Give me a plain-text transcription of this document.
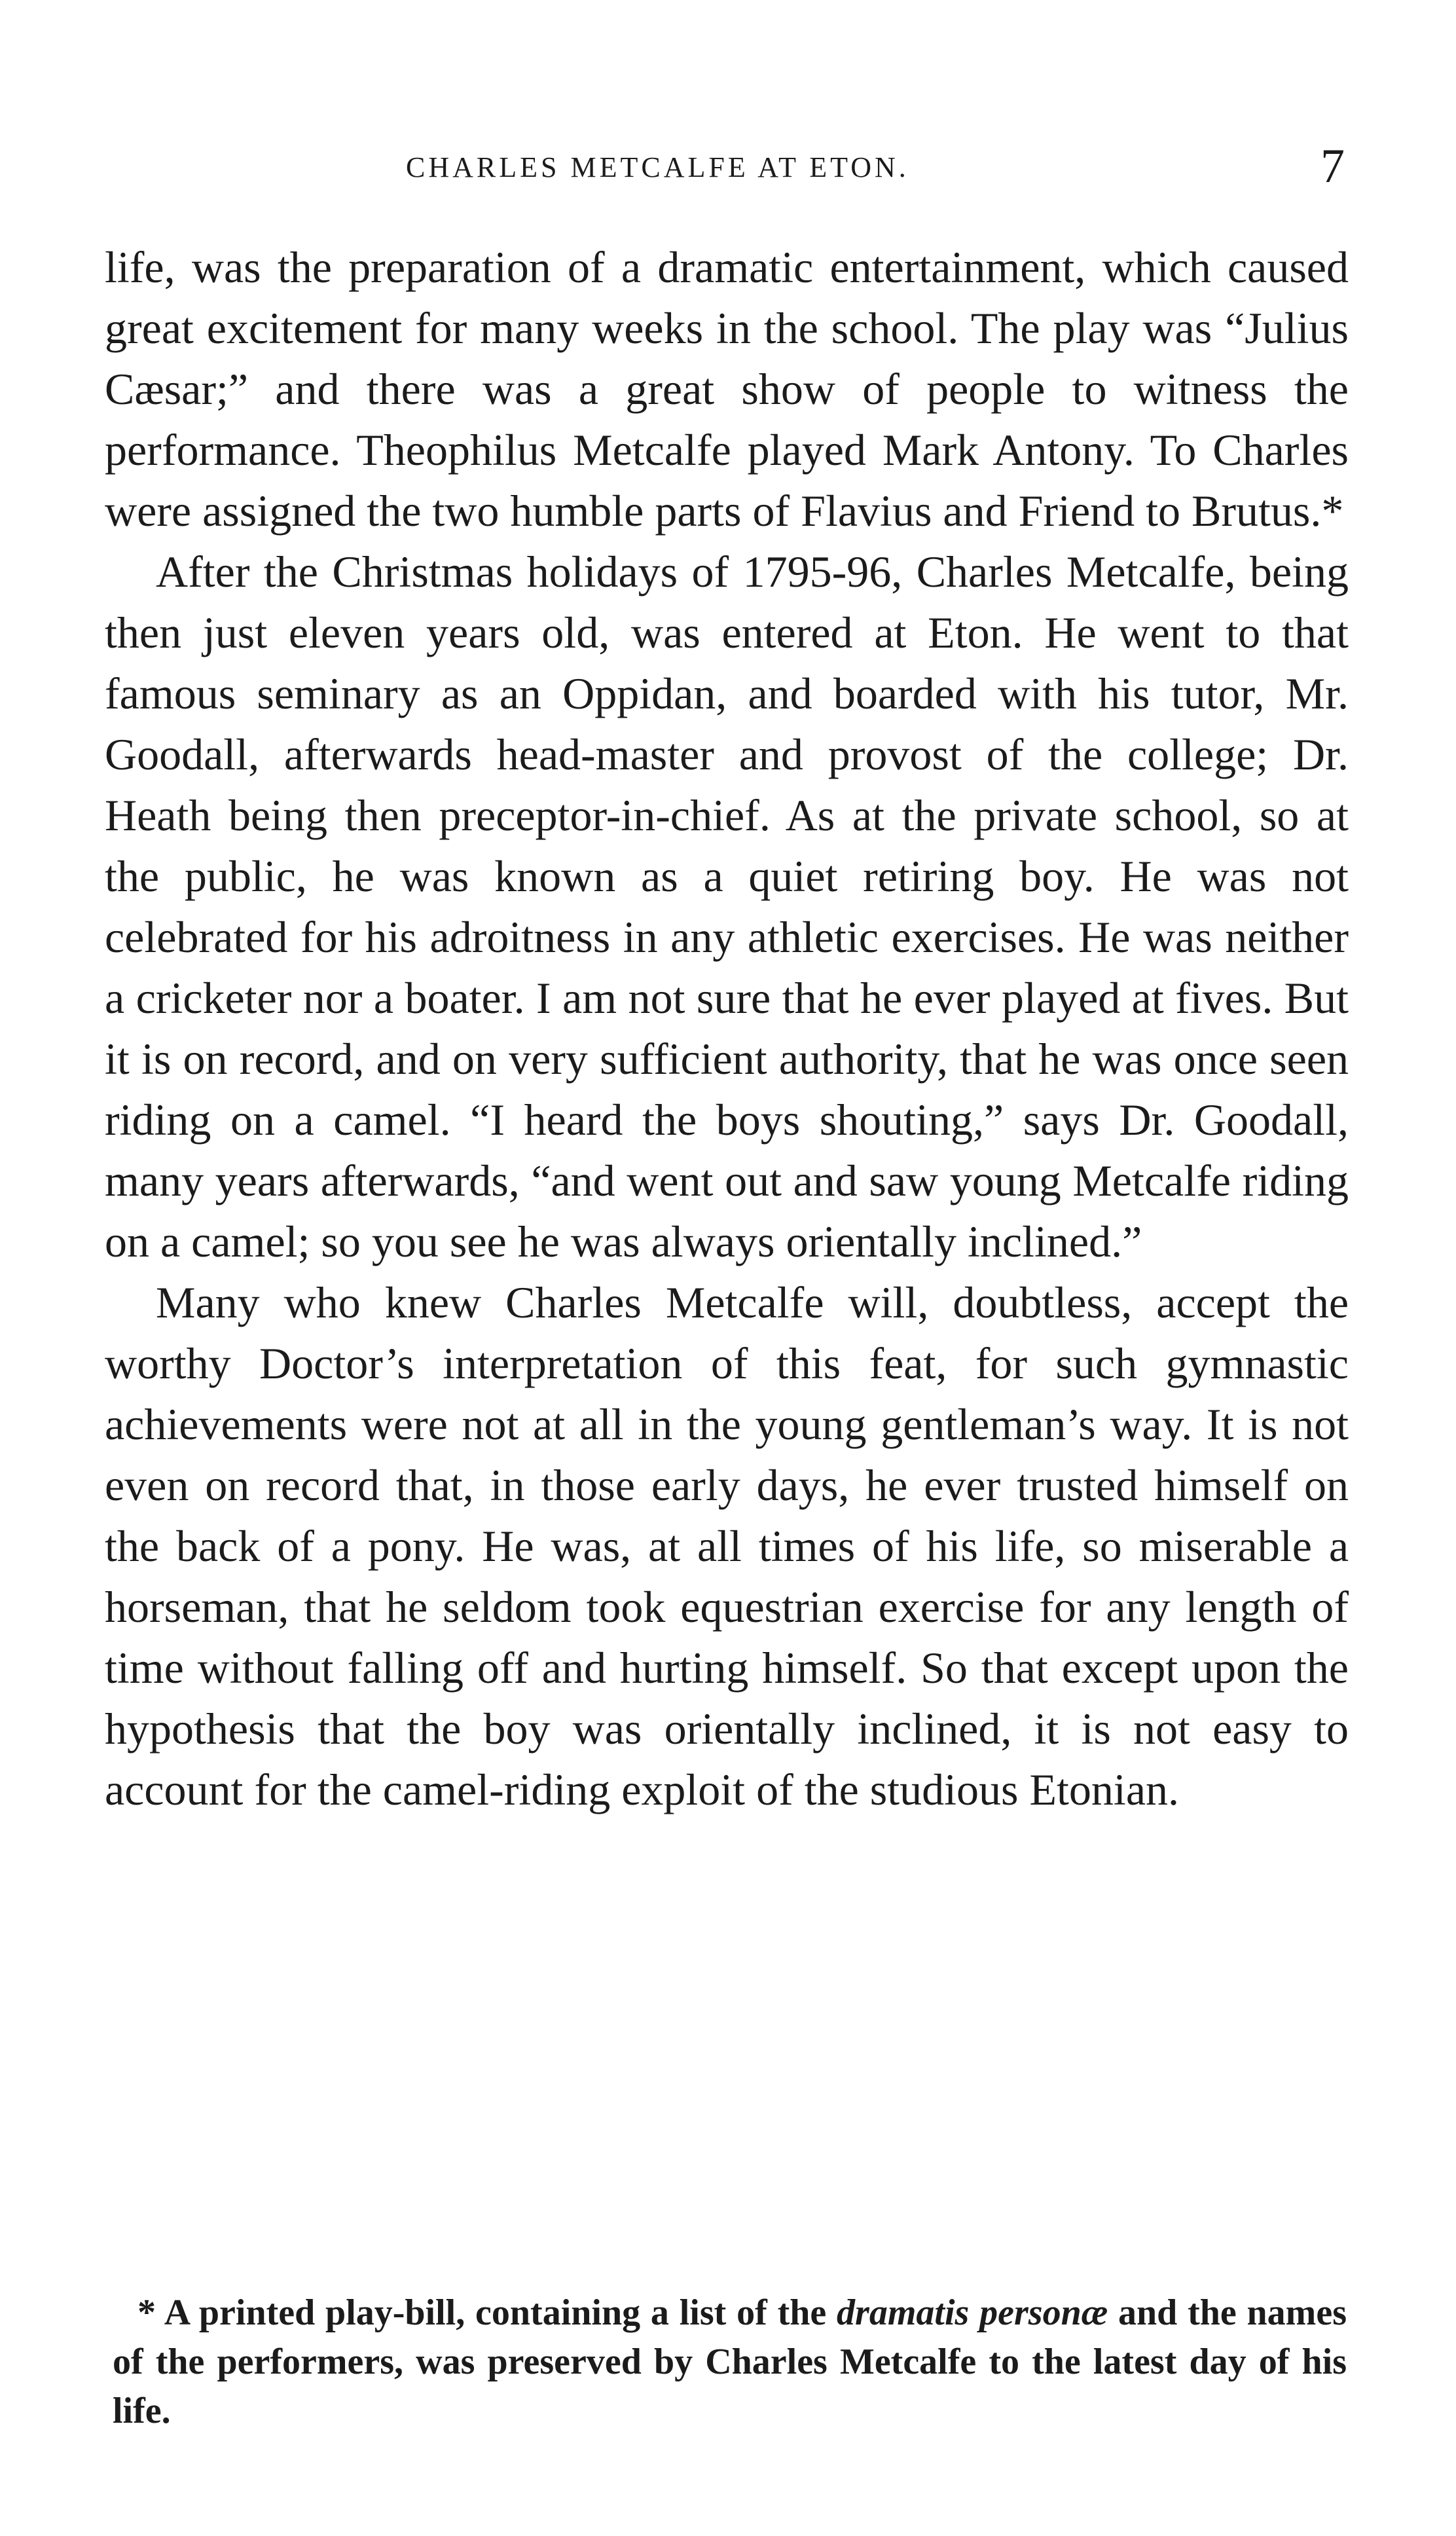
CHARLES METCALFE AT ETON.	7

life, was the preparation of a dramatic entertainment, which caused great excitement for many weeks in the school. The play was “Julius Cæsar;” and there was a great show of people to witness the performance. Theophilus Metcalfe played Mark Antony. To Charles were assigned the two humble parts of Flavius and Friend to Brutus.*

After the Christmas holidays of 1795-96, Charles Metcalfe, being then just eleven years old, was entered at Eton. He went to that famous seminary as an Oppidan, and boarded with his tutor, Mr. Goodall, afterwards head-master and provost of the college; Dr. Heath being then preceptor-in-chief. As at the private school, so at the public, he was known as a quiet retiring boy. He was not celebrated for his adroitness in any athletic exercises. He was neither a cricketer nor a boater. I am not sure that he ever played at fives. But it is on record, and on very sufficient authority, that he was once seen riding on a camel. “I heard the boys shouting,” says Dr. Goodall, many years afterwards, “and went out and saw young Metcalfe riding on a camel; so you see he was always orientally inclined.”

Many who knew Charles Metcalfe will, doubtless, accept the worthy Doctor’s interpretation of this feat, for such gymnastic achievements were not at all in the young gentleman’s way. It is not even on record that, in those early days, he ever trusted himself on the back of a pony. He was, at all times of his life, so miserable a horseman, that he seldom took equestrian exercise for any length of time without falling off and hurting himself. So that except upon the hypothesis that the boy was orientally inclined, it is not easy to account for the camel-riding exploit of the studious Etonian.

* A printed play-bill, containing a list of the dramatis personæ and the names of the performers, was preserved by Charles Metcalfe to the latest day of his life.
